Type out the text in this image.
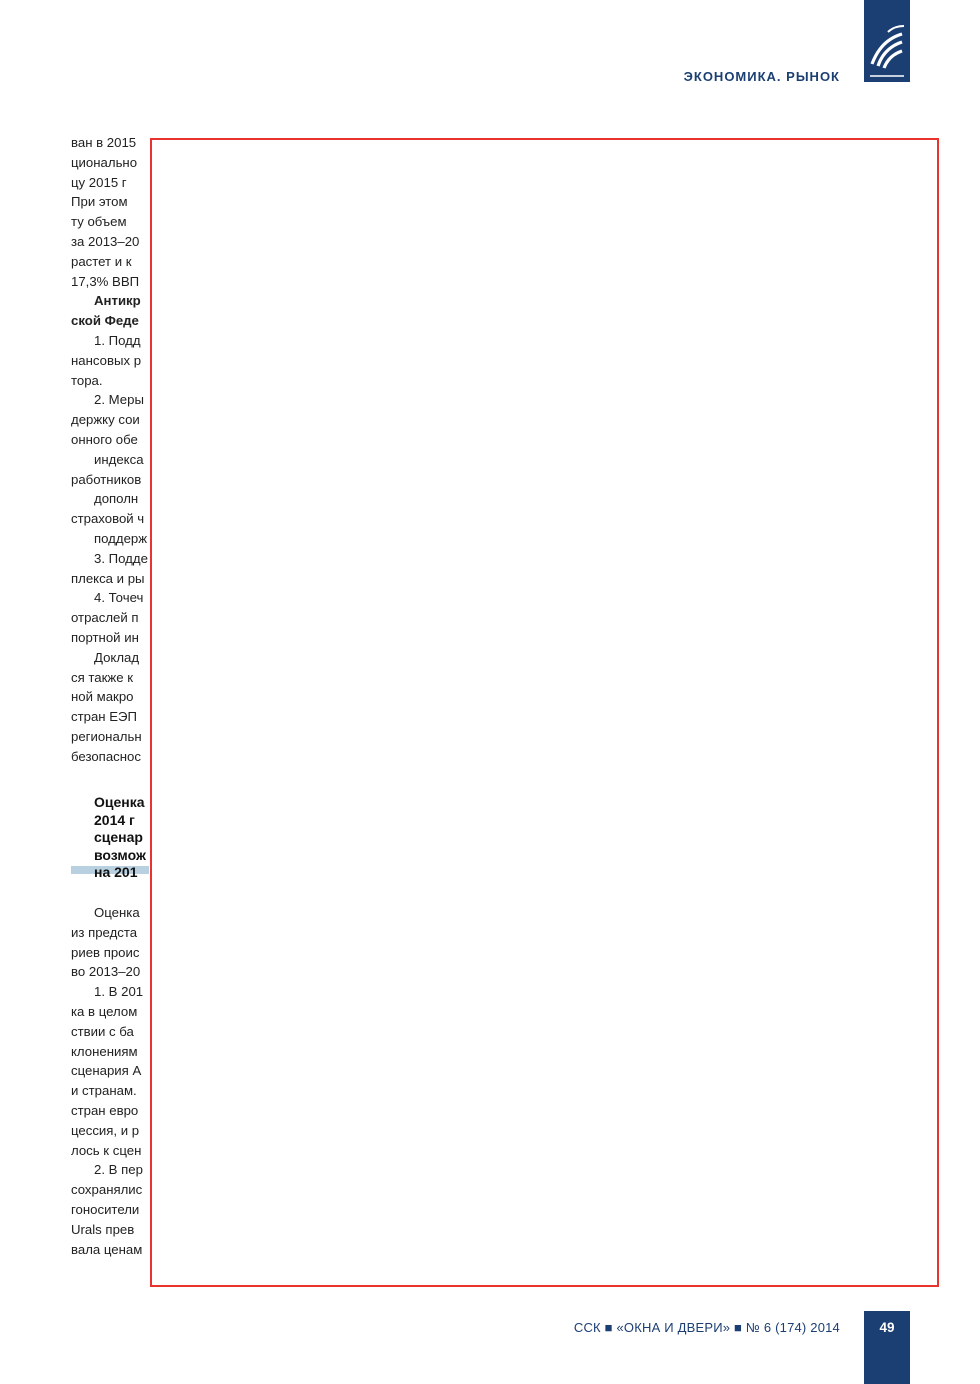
ЭКОНОМИКА. РЫНОК
ван в 2015
циональнo
цу 2015 г
При этом
ту объем
за 2013–20
растет и к
17,3% ВВП
Антикр
ской Феде
1. Подд
нансовых р
тора.
2. Меры
держку сои
онного обе
индекса
работников
дополн
страховой ч
поддерж
3. Подде
плекса и ры
4. Точеч
отраслей п
портной ин
Доклад
ся также к
ной макро
стран ЕЭП
региональн
безопаснос
Оценка
2014 г
сценар
возмож
на 201
Оценка
из предста
риев проис
во 2013–20
1. В 201
ка в целом
ствии с ба
клонениям
сценария А
и странам.
стран евро
цессия, и р
лось к сцен
2. В пер
сохранялис
гоносители
Urals прев
вала ценам
ССК ■ «ОКНА И ДВЕРИ» ■ № 6 (174) 2014	49
